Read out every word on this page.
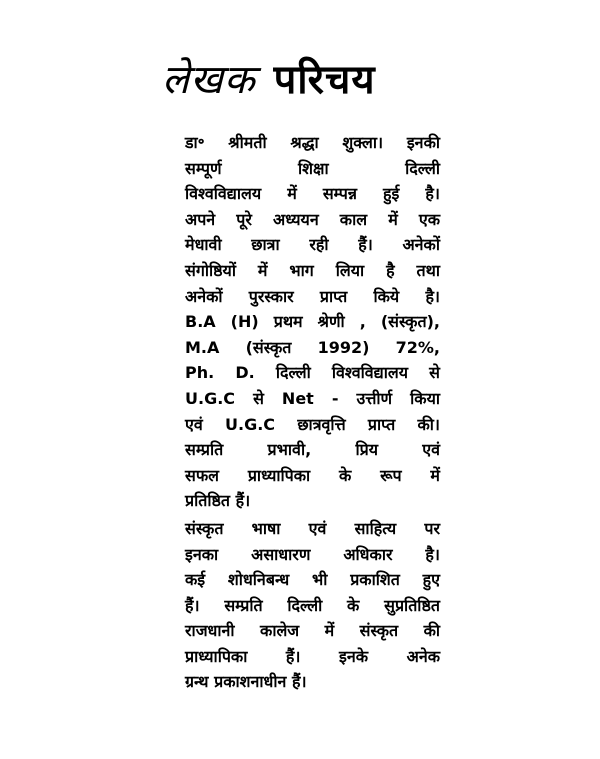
लेखक परिचय
डा॰ श्रीमती श्रद्धा शुक्ला। इनकी
सम्पूर्ण शिक्षा दिल्ली
विश्वविद्यालय में सम्पन्न हुई है।
अपने पूरे अध्ययन काल में एक
मेधावी छात्रा रही हैं। अनेकों
संगोष्ठियों में भाग लिया है तथा
अनेकों पुरस्कार प्राप्त किये है।
B.A (H) प्रथम श्रेणी , (संस्कृत),
M.A (संस्कृत 1992) 72%,
Ph. D. दिल्ली विश्वविद्यालय से
U.G.C से Net - उत्तीर्ण किया
एवं U.G.C छात्रवृत्ति प्राप्त की।
सम्प्रति प्रभावी, प्रिय एवं
सफल प्राध्यापिका के रूप में
प्रतिष्ठित हैं।
संस्कृत भाषा एवं साहित्य पर
इनका असाधारण अधिकार है।
कई शोधनिबन्ध भी प्रकाशित हुए
हैं। सम्प्रति दिल्ली के सुप्रतिष्ठित
राजधानी कालेज में संस्कृत की
प्राध्यापिका हैं। इनके अनेक
ग्रन्थ प्रकाशनाधीन हैं।
